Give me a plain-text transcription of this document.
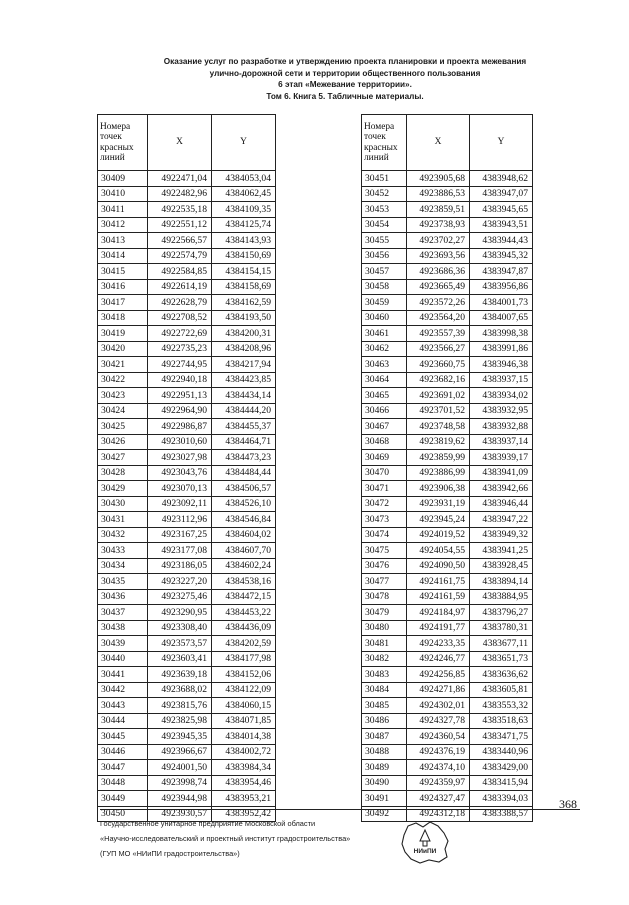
Оказание услуг по разработке и утверждению проекта планировки и проекта межевания
улично-дорожной сети и территории общественного пользования
6 этап «Межевание территории».
Том 6. Книга 5. Табличные материалы.
Номера точек красных линий	X	Y
30409	4922471,04	4384053,04
30410	4922482,96	4384062,45
30411	4922535,18	4384109,35
30412	4922551,12	4384125,74
30413	4922566,57	4384143,93
30414	4922574,79	4384150,69
30415	4922584,85	4384154,15
30416	4922614,19	4384158,69
30417	4922628,79	4384162,59
30418	4922708,52	4384193,50
30419	4922722,69	4384200,31
30420	4922735,23	4384208,96
30421	4922744,95	4384217,94
30422	4922940,18	4384423,85
30423	4922951,13	4384434,14
30424	4922964,90	4384444,20
30425	4922986,87	4384455,37
30426	4923010,60	4384464,71
30427	4923027,98	4384473,23
30428	4923043,76	4384484,44
30429	4923070,13	4384506,57
30430	4923092,11	4384526,10
30431	4923112,96	4384546,84
30432	4923167,25	4384604,02
30433	4923177,08	4384607,70
30434	4923186,05	4384602,24
30435	4923227,20	4384538,16
30436	4923275,46	4384472,15
30437	4923290,95	4384453,22
30438	4923308,40	4384436,09
30439	4923573,57	4384202,59
30440	4923603,41	4384177,98
30441	4923639,18	4384152,06
30442	4923688,02	4384122,09
30443	4923815,76	4384060,15
30444	4923825,98	4384071,85
30445	4923945,35	4384014,38
30446	4923966,67	4384002,72
30447	4924001,50	4383984,34
30448	4923998,74	4383954,46
30449	4923944,98	4383953,21
30450	4923930,57	4383952,42
Номера точек красных линий	X	Y
30451	4923905,68	4383948,62
30452	4923886,53	4383947,07
30453	4923859,51	4383945,65
30454	4923738,93	4383943,51
30455	4923702,27	4383944,43
30456	4923693,56	4383945,32
30457	4923686,36	4383947,87
30458	4923665,49	4383956,86
30459	4923572,26	4384001,73
30460	4923564,20	4384007,65
30461	4923557,39	4383998,38
30462	4923566,27	4383991,86
30463	4923660,75	4383946,38
30464	4923682,16	4383937,15
30465	4923691,02	4383934,02
30466	4923701,52	4383932,95
30467	4923748,58	4383932,88
30468	4923819,62	4383937,14
30469	4923859,99	4383939,17
30470	4923886,99	4383941,09
30471	4923906,38	4383942,66
30472	4923931,19	4383946,44
30473	4923945,24	4383947,22
30474	4924019,52	4383949,32
30475	4924054,55	4383941,25
30476	4924090,50	4383928,45
30477	4924161,75	4383894,14
30478	4924161,59	4383884,95
30479	4924184,97	4383796,27
30480	4924191,77	4383780,31
30481	4924233,35	4383677,11
30482	4924246,77	4383651,73
30483	4924256,85	4383636,62
30484	4924271,86	4383605,81
30485	4924302,01	4383553,32
30486	4924327,78	4383518,63
30487	4924360,54	4383471,75
30488	4924376,19	4383440,96
30489	4924374,10	4383429,00
30490	4924359,97	4383415,94
30491	4924327,47	4383394,03
30492	4924312,18	4383388,57
368
Государственное унитарное предприятие Московской области
«Научно-исследовательский и проектный институт градостроительства»
(ГУП МО «НИиПИ градостроительства»)	НИиПИ
